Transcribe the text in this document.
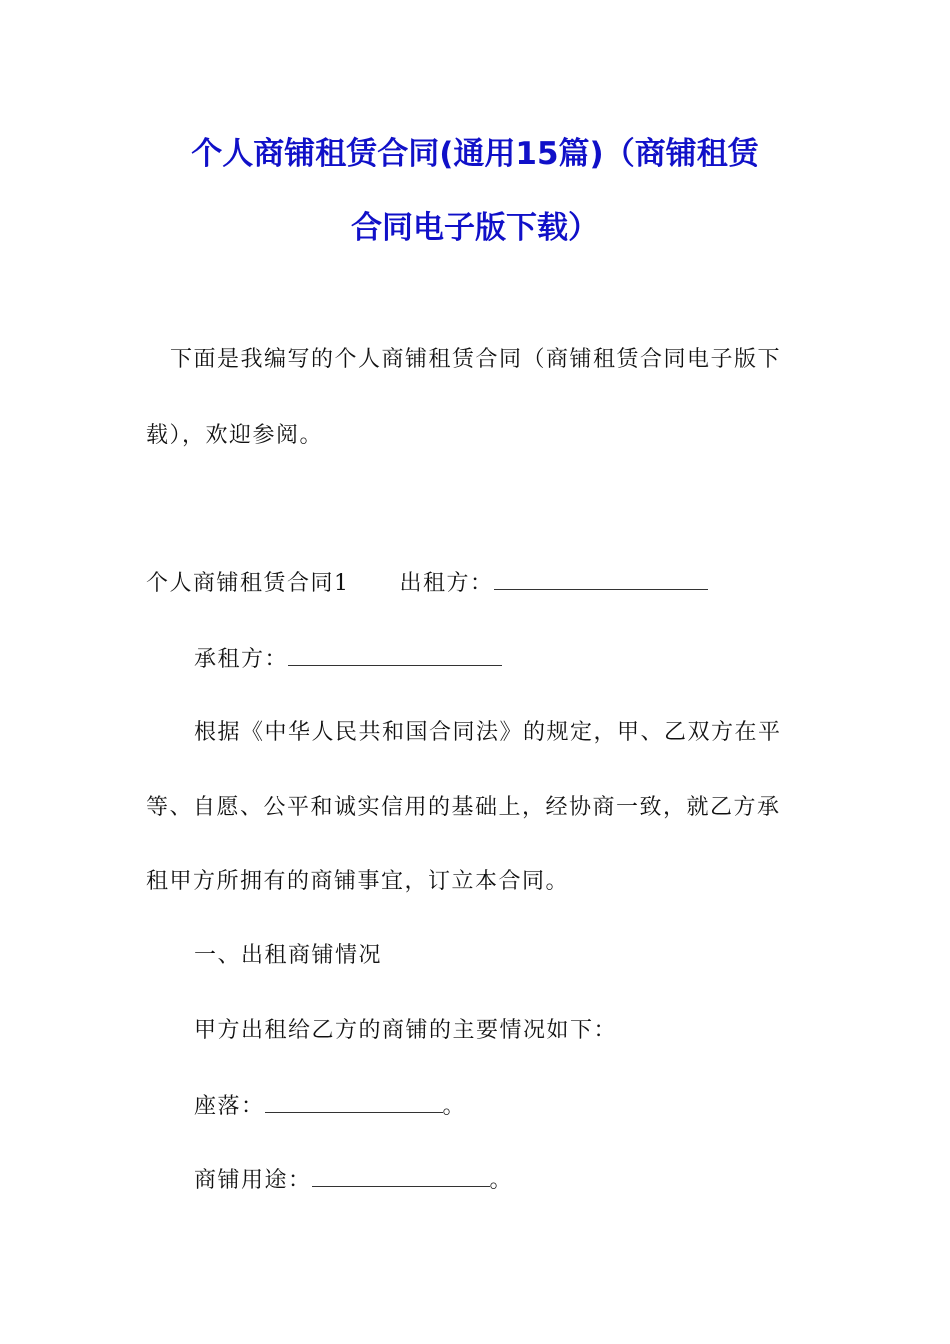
个人商铺租赁合同(通用15篇)（商铺租赁
合同电子版下载）
下面是我编写的个人商铺租赁合同（商铺租赁合同电子版下
载），欢迎参阅。
个人商铺租赁合同1 出租方：
承租方：
根据《中华人民共和国合同法》的规定，甲、乙双方在平
等、自愿、公平和诚实信用的基础上，经协商一致，就乙方承
租甲方所拥有的商铺事宜，订立本合同。
一、出租商铺情况
甲方出租给乙方的商铺的主要情况如下：
座落：	。
商铺用途：	。
